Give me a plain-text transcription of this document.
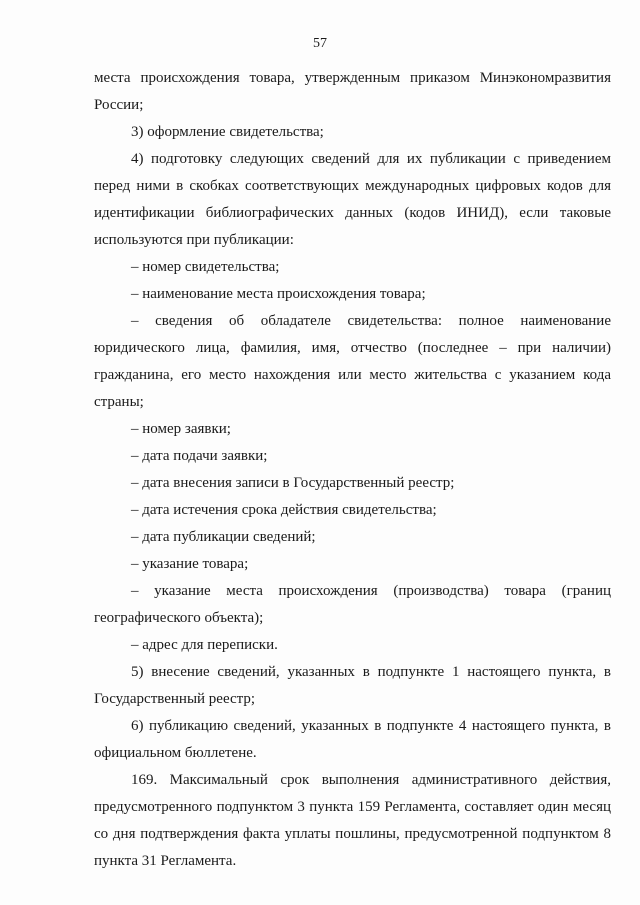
57

места происхождения товара, утвержденным приказом Минэкономразвития России;

3) оформление свидетельства;

4) подготовку следующих сведений для их публикации с приведением перед ними в скобках соответствующих международных цифровых кодов для идентификации библиографических данных (кодов ИНИД), если таковые используются при публикации:

– номер свидетельства;

– наименование места происхождения товара;

– сведения об обладателе свидетельства: полное наименование юридического лица, фамилия, имя, отчество (последнее – при наличии) гражданина, его место нахождения или место жительства с указанием кода страны;

– номер заявки;

– дата подачи заявки;

– дата внесения записи в Государственный реестр;

– дата истечения срока действия свидетельства;

– дата публикации сведений;

– указание товара;

– указание места происхождения (производства) товара (границ географического объекта);

– адрес для переписки.

5) внесение сведений, указанных в подпункте 1 настоящего пункта, в Государственный реестр;

6) публикацию сведений, указанных в подпункте 4 настоящего пункта, в официальном бюллетене.

169. Максимальный срок выполнения административного действия, предусмотренного подпунктом 3 пункта 159 Регламента, составляет один месяц со дня подтверждения факта уплаты пошлины, предусмотренной подпунктом 8 пункта 31 Регламента.
